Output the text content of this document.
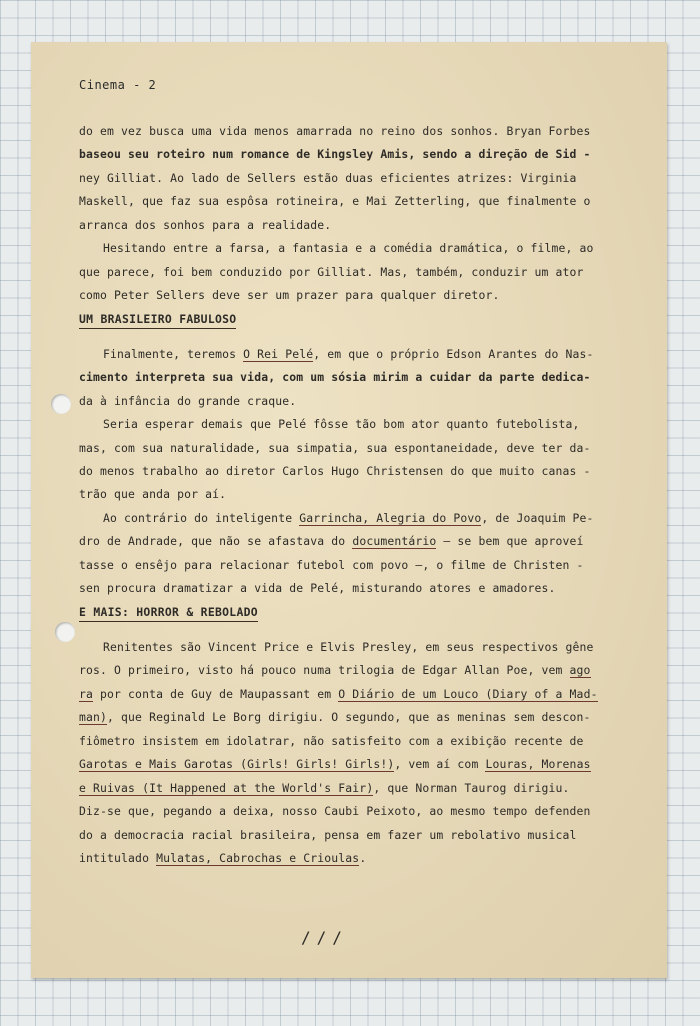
Cinema - 2
do em vez busca uma vida menos amarrada no reino dos sonhos. Bryan Forbes
baseou seu roteiro num romance de Kingsley Amis, sendo a direção de Sid -
ney Gilliat. Ao lado de Sellers estão duas eficientes atrizes: Virginia
Maskell, que faz sua espôsa rotineira, e Mai Zetterling, que finalmente o
arranca dos sonhos para a realidade.
Hesitando entre a farsa, a fantasia e a comédia dramática, o filme, ao
que parece, foi bem conduzido por Gilliat. Mas, também, conduzir um ator
como Peter Sellers deve ser um prazer para qualquer diretor.
UM BRASILEIRO FABULOSO
Finalmente, teremos O Rei Pelé, em que o próprio Edson Arantes do Nas-
cimento interpreta sua vida, com um sósia mirim a cuidar da parte dedica-
da à infância do grande craque.
Seria esperar demais que Pelé fôsse tão bom ator quanto futebolista,
mas, com sua naturalidade, sua simpatia, sua espontaneidade, deve ter da-
do menos trabalho ao diretor Carlos Hugo Christensen do que muito canas -
trão que anda por aí.
Ao contrário do inteligente Garrincha, Alegria do Povo, de Joaquim Pe-
dro de Andrade, que não se afastava do documentário — se bem que aproveí
tasse o ensêjo para relacionar futebol com povo —, o filme de Christen -
sen procura dramatizar a vida de Pelé, misturando atores e amadores.
E MAIS: HORROR & REBOLADO
Renitentes são Vincent Price e Elvis Presley, em seus respectivos gêne
ros. O primeiro, visto há pouco numa trilogia de Edgar Allan Poe, vem ago
ra por conta de Guy de Maupassant em O Diário de um Louco (Diary of a Mad-
man), que Reginald Le Borg dirigiu. O segundo, que as meninas sem descon-
fiômetro insistem em idolatrar, não satisfeito com a exibição recente de
Garotas e Mais Garotas (Girls! Girls! Girls!), vem aí com Louras, Morenas
e Ruivas (It Happened at the World's Fair), que Norman Taurog dirigiu.
Diz-se que, pegando a deixa, nosso Caubi Peixoto, ao mesmo tempo defenden
do a democracia racial brasileira, pensa em fazer um rebolativo musical
intitulado Mulatas, Cabrochas e Crioulas.
///
